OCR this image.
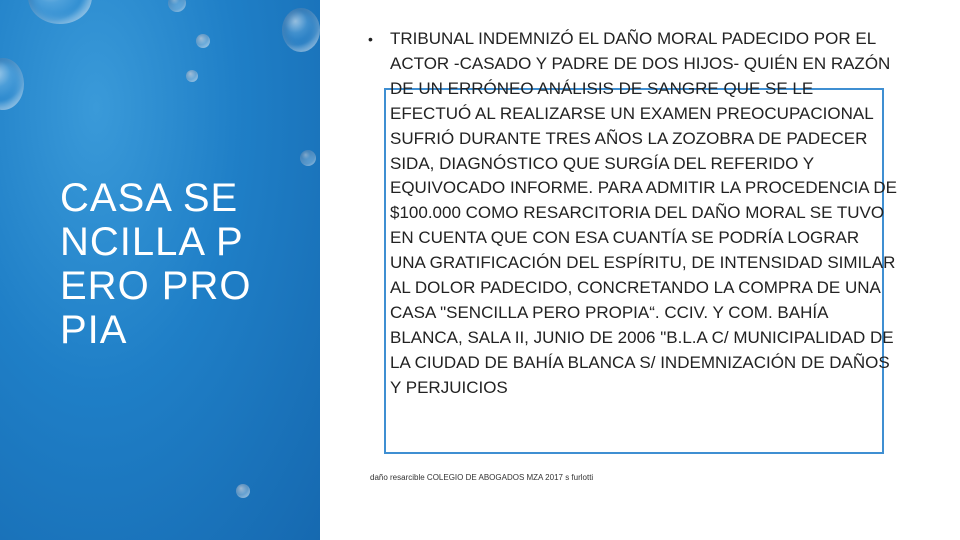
CASA SENCILLA PERO PROPIA

•	TRIBUNAL INDEMNIZÓ EL DAÑO MORAL PADECIDO POR EL ACTOR -CASADO Y PADRE DE DOS HIJOS- QUIÉN EN RAZÓN DE UN ERRÓNEO ANÁLISIS DE SANGRE QUE SE LE EFECTUÓ AL REALIZARSE UN EXAMEN PREOCUPACIONAL SUFRIÓ DURANTE TRES AÑOS LA ZOZOBRA DE PADECER SIDA, DIAGNÓSTICO QUE SURGÍA DEL REFERIDO Y EQUIVOCADO INFORME. PARA ADMITIR LA PROCEDENCIA DE $100.000 COMO RESARCITORIA DEL DAÑO MORAL SE TUVO EN CUENTA QUE CON ESA CUANTÍA SE PODRÍA LOGRAR UNA GRATIFICACIÓN DEL ESPÍRITU, DE INTENSIDAD SIMILAR AL DOLOR PADECIDO, CONCRETANDO LA COMPRA DE UNA CASA "SENCILLA PERO PROPIA“. CCIV. Y COM. BAHÍA BLANCA, SALA II, JUNIO DE 2006 "B.L.A C/ MUNICIPALIDAD DE LA CIUDAD DE BAHÍA BLANCA S/ INDEMNIZACIÓN DE DAÑOS Y PERJUICIOS

daño resarcible COLEGIO DE ABOGADOS MZA 2017 s furlotti
